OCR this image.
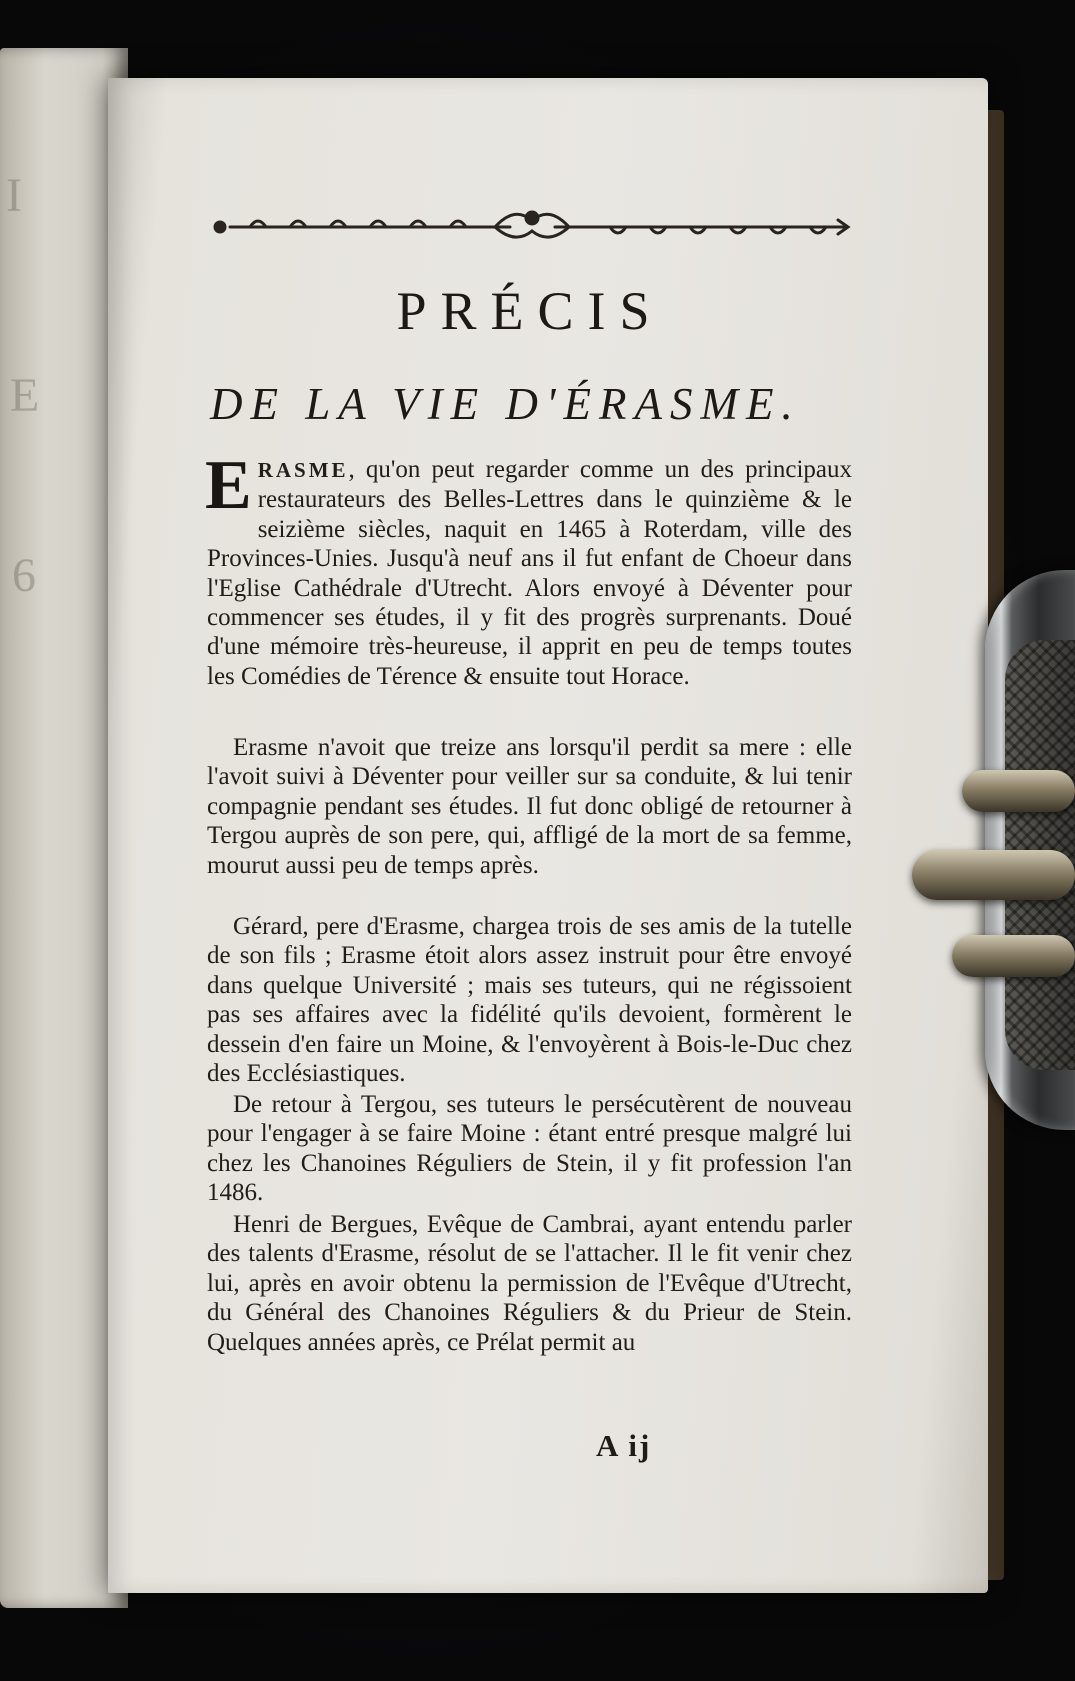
I
E
6
PRÉCIS
DE LA VIE D'ÉRASME.
ERASME, qu'on peut regarder comme un des principaux restaurateurs des Belles-Lettres dans le quinzième & le seizième siècles, naquit en 1465 à Roterdam, ville des Provinces-Unies. Jusqu'à neuf ans il fut enfant de Choeur dans l'Eglise Cathédrale d'Utrecht. Alors envoyé à Déventer pour commencer ses études, il y fit des progrès surprenants. Doué d'une mémoire très-heureuse, il apprit en peu de temps toutes les Comédies de Térence & ensuite tout Horace.
Erasme n'avoit que treize ans lorsqu'il perdit sa mere : elle l'avoit suivi à Déventer pour veiller sur sa conduite, & lui tenir compagnie pendant ses études. Il fut donc obligé de retourner à Tergou auprès de son pere, qui, affligé de la mort de sa femme, mourut aussi peu de temps après.
Gérard, pere d'Erasme, chargea trois de ses amis de la tutelle de son fils ; Erasme étoit alors assez instruit pour être envoyé dans quelque Université ; mais ses tuteurs, qui ne régissoient pas ses affaires avec la fidélité qu'ils devoient, formèrent le dessein d'en faire un Moine, & l'envoyèrent à Bois-le-Duc chez des Ecclésiastiques.
De retour à Tergou, ses tuteurs le persécutèrent de nouveau pour l'engager à se faire Moine : étant entré presque malgré lui chez les Chanoines Réguliers de Stein, il y fit profession l'an 1486.
Henri de Bergues, Evêque de Cambrai, ayant entendu parler des talents d'Erasme, résolut de se l'attacher. Il le fit venir chez lui, après en avoir obtenu la permission de l'Evêque d'Utrecht, du Général des Chanoines Réguliers & du Prieur de Stein. Quelques années après, ce Prélat permit au
A ij
